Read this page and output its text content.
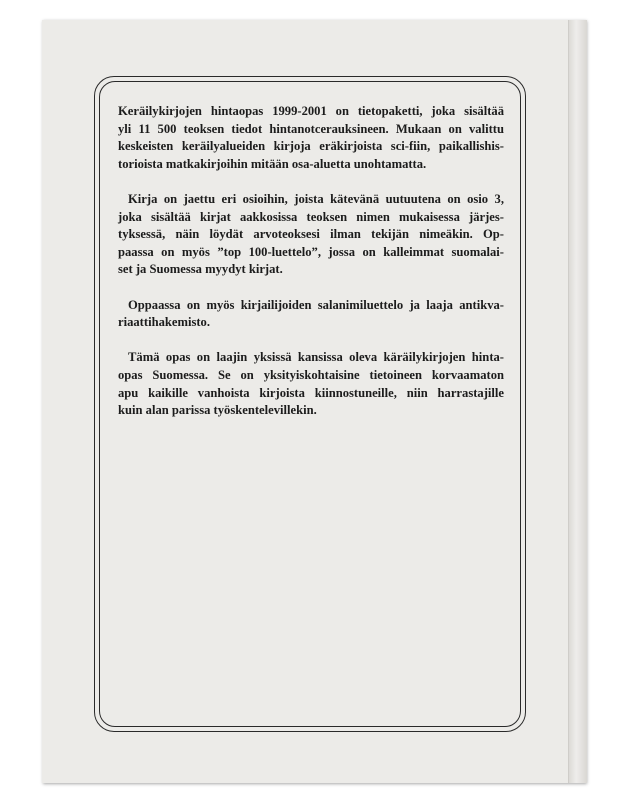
Keräilykirjojen hintaopas 1999-2001 on tietopaketti, joka sisältää
yli 11 500 teoksen tiedot hintanotcerauksineen. Mukaan on valittu
keskeisten keräilyalueiden kirjoja eräkirjoista sci-fiin, paikallishis-
torioista matkakirjoihin mitään osa-aluetta unohtamatta.

Kirja on jaettu eri osioihin, joista kätevänä uutuutena on osio 3,
joka sisältää kirjat aakkosissa teoksen nimen mukaisessa järjes-
tyksessä, näin löydät arvoteoksesi ilman tekijän nimeäkin. Op-
paassa on myös ”top 100-luettelo”, jossa on kalleimmat suomalai-
set ja Suomessa myydyt kirjat.

Oppaassa on myös kirjailijoiden salanimiluettelo ja laaja antikva-
riaattihakemisto.

Tämä opas on laajin yksissä kansissa oleva käräilykirjojen hinta-
opas Suomessa. Se on yksityiskohtaisine tietoineen korvaamaton
apu kaikille vanhoista kirjoista kiinnostuneille, niin harrastajille
kuin alan parissa työskentelevillekin.
